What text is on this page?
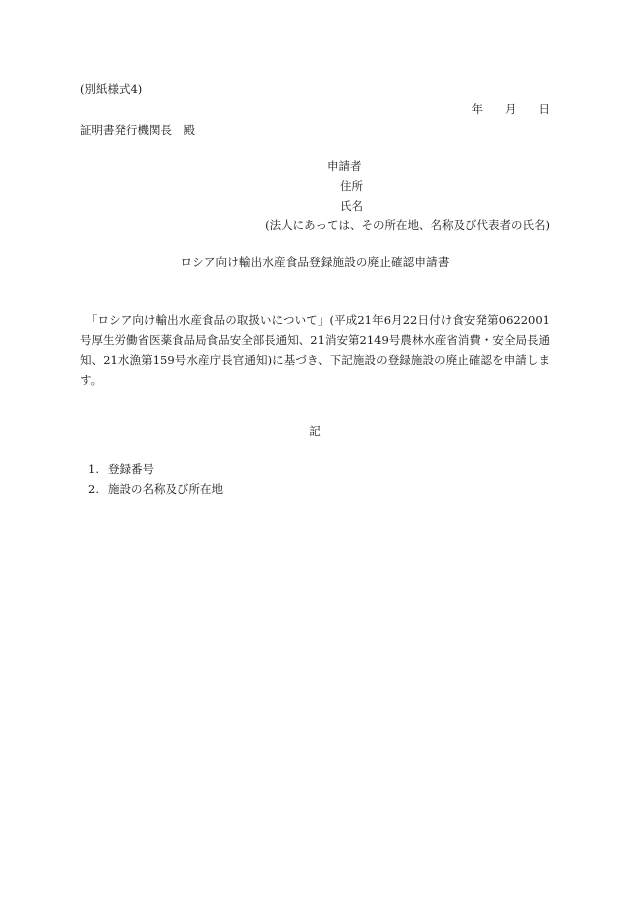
(別紙様式4)
年 月 日
証明書発行機関長　殿
申請者
住所
氏名
(法人にあっては、その所在地、名称及び代表者の氏名)
ロシア向け輸出水産食品登録施設の廃止確認申請書
　「ロシア向け輸出水産食品の取扱いについて」(平成21年6月22日付け食安発第0622001号厚生労働省医薬食品局食品安全部長通知、21消安第2149号農林水産省消費・安全局長通知、21水漁第159号水産庁長官通知)に基づき、下記施設の登録施設の廃止確認を申請します。
記
1. 登録番号
2. 施設の名称及び所在地
